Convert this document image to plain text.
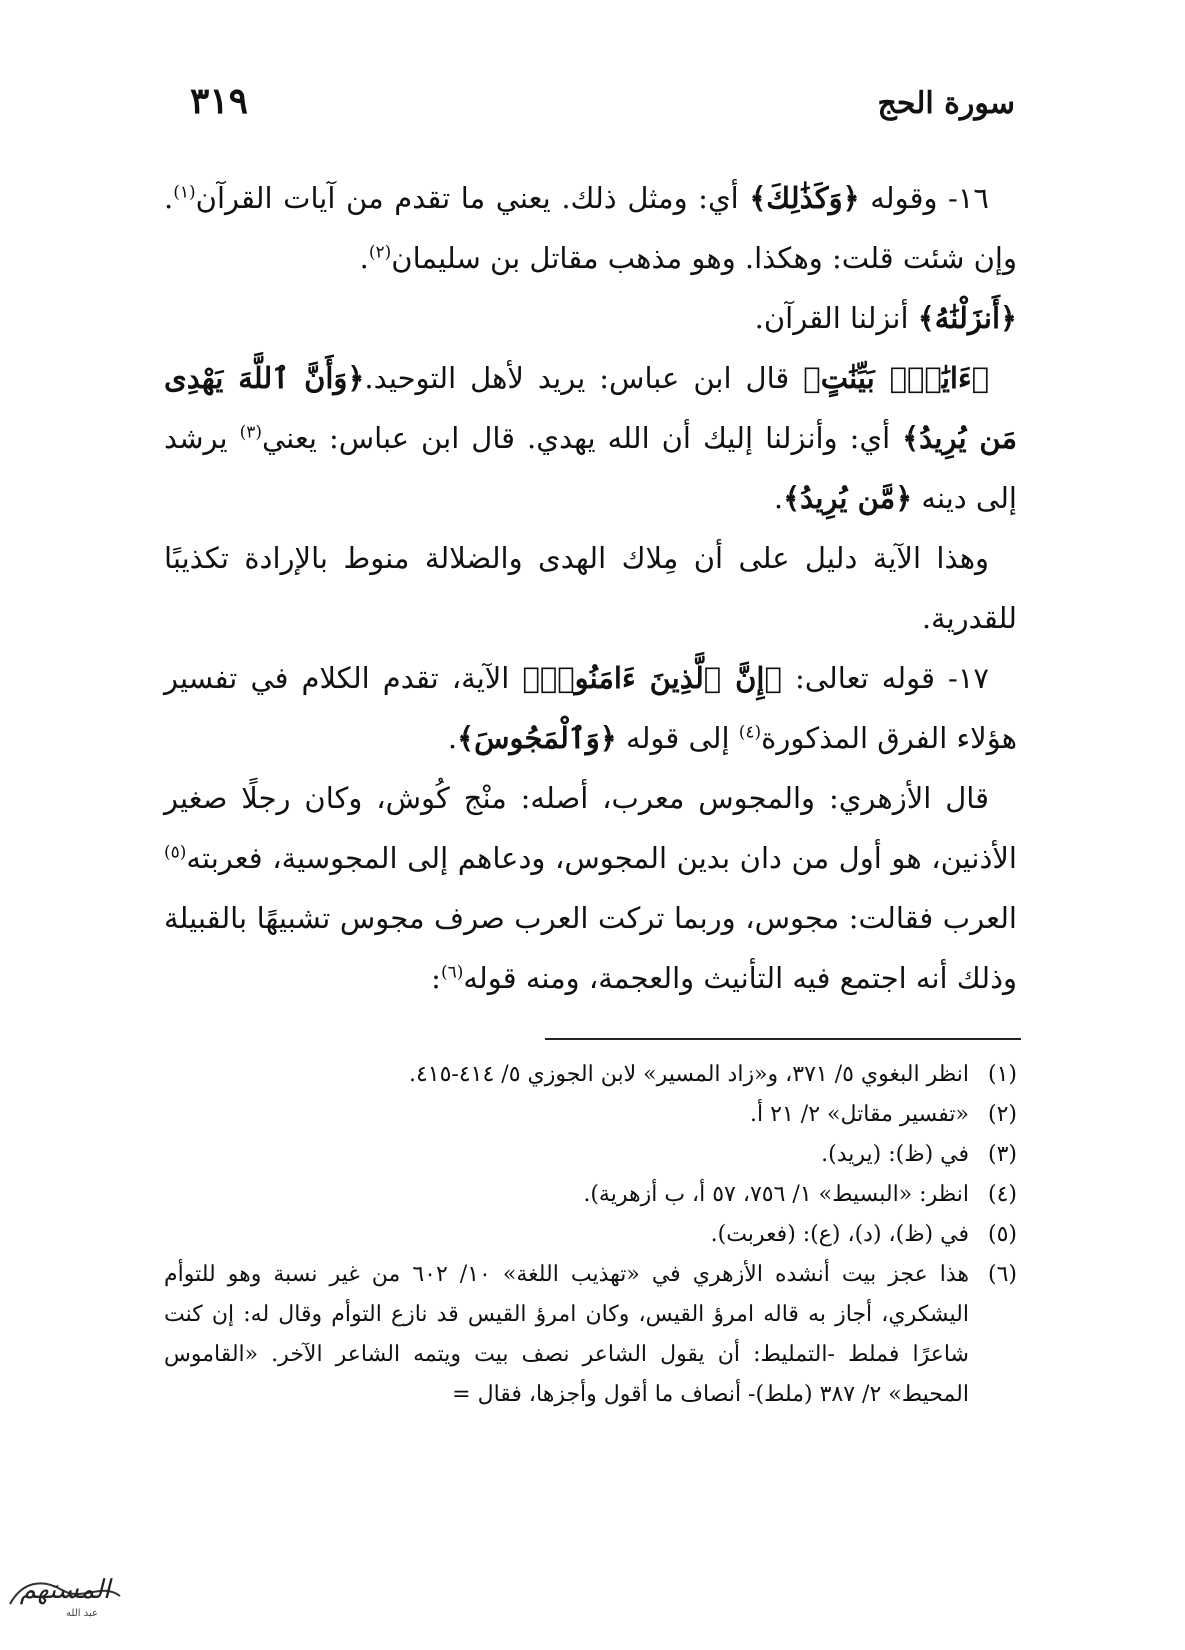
سورة الحج
٣١٩

١٦- وقوله ﴿وَكَذَٰلِكَ﴾ أي: ومثل ذلك. يعني ما تقدم من آيات القرآن$^{(١)}$. وإن شئت قلت: وهكذا. وهو مذهب مقاتل بن سليمان$^{(٢)}$.

﴿أَنزَلْنَٰهُ﴾ أنزلنا القرآن.

﴿ءَايَٰتٍۭ بَيِّنَٰتٍ﴾ قال ابن عباس: يريد لأهل التوحيد.﴿وَأَنَّ ٱللَّهَ يَهْدِى مَن يُرِيدُ﴾ أي: وأنزلنا إليك أن الله يهدي. قال ابن عباس: يعني$^{(٣)}$ يرشد إلى دينه ﴿مَّن يُرِيدُ﴾.

وهذا الآية دليل على أن مِلاك الهدى والضلالة منوط بالإرادة تكذيبًا للقدرية.

١٧- قوله تعالى: ﴿إِنَّ ٱلَّذِينَ ءَامَنُوا۟﴾ الآية، تقدم الكلام في تفسير هؤلاء الفرق المذكورة$^{(٤)}$ إلى قوله ﴿وَٱلْمَجُوسَ﴾.

قال الأزهري: والمجوس معرب، أصله: منْج كُوش، وكان رجلًا صغير الأذنين، هو أول من دان بدين المجوس، ودعاهم إلى المجوسية، فعربته$^{(٥)}$ العرب فقالت: مجوس، وربما تركت العرب صرف مجوس تشبيهًا بالقبيلة وذلك أنه اجتمع فيه التأنيث والعجمة، ومنه قوله$^{(٦)}$:

(١)
انظر البغوي ٥/ ٣٧١، و«زاد المسير» لابن الجوزي ٥/ ٤١٤-٤١٥.

(٢)
«تفسير مقاتل» ٢/ ٢١ أ.

(٣)
في (ظ): (يريد).

(٤)
انظر: «البسيط» ١/ ٧٥٦، ٥٧ أ، ب أزهرية).

(٥)
في (ظ)، (د)، (ع): (فعربت).

(٦)
هذا عجز بيت أنشده الأزهري في «تهذيب اللغة» ١٠/ ٦٠٢ من غير نسبة وهو للتوأم اليشكري، أجاز به قاله امرؤ القيس، وكان امرؤ القيس قد نازع التوأم وقال له: إن كنت شاعرًا فملط -التمليط: أن يقول الشاعر نصف بيت ويتمه الشاعر الآخر. «القاموس المحيط» ٢/ ٣٨٧ (ملط)- أنصاف ما أقول وأجزها، فقال =

المستهم
عبد الله
